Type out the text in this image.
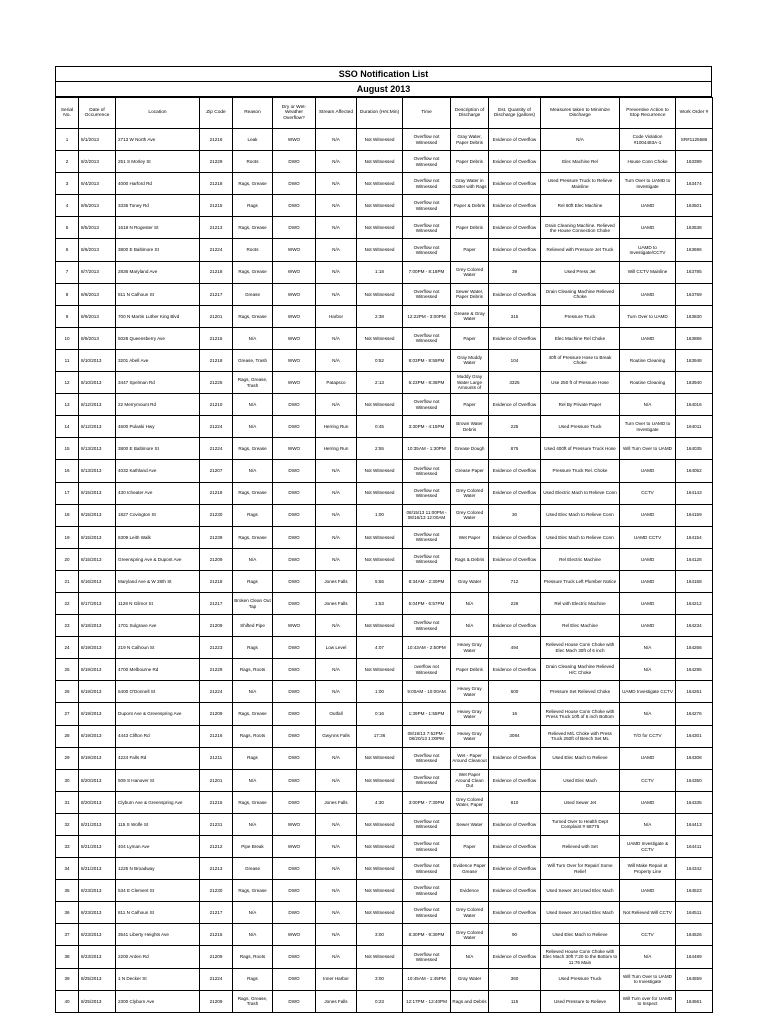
SSO Notification List
August 2013
Serial No.	Date of Occurrence	Location	Zip Code	Reason	Dry or Wet-Weather Overflow?	Stream Affected	Duration (Hrs:Min)	Time	Description of Discharge	Est. Quantity of Discharge (gallons)	Measures taken to Minimize Discharge	Preventive Action to Stop Recurrence	Work Order #
1	8/1/2013	2713 W North Ave	21216	Leak	WWO	N/A	Not Witnessed	Overflow not Witnessed	Gray Water, Paper Debris	Evidence of Overflow	N/A	Code Violation #1004483A-1	SR#1125686
2	8/2/2013	251 S Morley St	21229	Roots	DWO	N/A	Not Witnessed	Overflow not Witnessed	Paper Debris	Evidence of Overflow	Elec Machine Rel	House Conn Choke	163399
3	8/4/2013	4000 Harford Rd	21218	Rags, Grease	DWO	N/A	Not Witnessed	Overflow not Witnessed	Gray Water in Gutter with Rags	Evidence of Overflow	Used Pressure Truck to Relieve Mainline	Turn Over to UAMD to Investigate	163474
4	8/5/2013	3336 Toney Rd	21215	Rags	DWO	N/A	Not Witnessed	Overflow not Witnessed	Paper & Debris	Evidence of Overflow	Rel 60ft Elec Machine	UAMD	163501
5	8/5/2013	1618 N Rogester St	21213	Rags, Grease	DWO	N/A	Not Witnessed	Overflow not Witnessed	Paper Debris	Evidence of Overflow	Drain Cleaning Machine. Relieved the House Connection Choke	UAMD	163538
6	8/6/2013	3800 E Baltimore St	21224	Roots	WWO	N/A	Not Witnessed	Overflow not Witnessed	Paper	Evidence of Overflow	Relieved with Pressure Jet Truck	UAMD to Investigate/CCTV	163696
7	8/7/2013	2836 Maryland Ave	21218	Rags, Grease	WWO	N/A	1:18	7:00PM - 8:18PM	Grey Colored Water	39	Used Press Jet	Will CCTV Mainline	163785
8	8/8/2013	811 N Calhoun St	21217	Grease	WWO	N/A	Not Witnessed	Overflow not Witnessed	Sewer Water, Paper Debris	Evidence of Overflow	Drain Cleaning Machine Relieved Choke	UAMD	163769
9	8/9/2013	700 N Martin Luther King Blvd	21201	Rags, Grease	WWO	Harbor	2:38	12:22PM - 3:00PM	Grease & Gray Water	315	Pressure Truck	Turn Over to UAMD	163830
10	8/9/2013	5028 Queensberry Ave	21215	N/A	WWO	N/A	Not Witnessed	Overflow not Witnessed	Paper	Evidence of Overflow	Elec Machine Rel Choke	UAMD	163886
11	8/10/2013	3201 Abell Ave	21218	Grease, Trash	WWO	N/A	0:52	8:03PM - 8:55PM	Gray Muddy Water	104	40ft of Pressure Hose to Break Choke	Routine Cleaning	163948
12	8/10/2013	3447 Spelman Rd	21225	Rags, Grease, Trash	WWO	Patapsco	2:13	6:23PM - 8:36PM	Muddy Gray Water Large Amounts of	3325	Use 250 ft of Pressure Hose	Routine Cleaning	163940
13	8/12/2013	22 Merrymount Rd	21210	N/A	DWO	N/A	Not Witnessed	Overflow not Witnessed	Paper	Evidence of Overflow	Rel By Private Paper	N/A	164016
14	8/12/2013	4600 Pulaski Hwy	21224	N/A	DWO	Herring Run	0:45	3:30PM - 4:15PM	Brown Water Debris	225	Used Pressure Truck	Turn Over to UAMD to Investigate	164011
15	8/13/2013	3800 E Baltimore St	21224	Rags, Grease	WWO	Herring Run	2:55	10:35AM - 1:30PM	Grease Dough	875	Used 400ft of Pressure Truck Hose	Will Turn Over to UAMD	164035
16	8/13/2013	4032 Kathland Ave	21207	N/A	DWO	N/A	Not Witnessed	Overflow not Witnessed	Grease Paper	Evidence of Overflow	Pressure Truck Rel. Choke	UAMD	164052
17	8/15/2013	430 Icheater Ave	21218	Rags, Grease	DWO	N/A	Not Witnessed	Overflow not Witnessed	Grey Colored Water	Evidence of Overflow	Used Electric Mach to Relieve Conn	CCTV	164143
18	8/15/2013	1827 Covington St	21230	Rags	DWO	N/A	1:00	08/15/13 11:00PM - 08/16/13 12:00AM	Grey Colored Water	30	Used Elec Mach to Relieve Conn	UAMD	164159
19	8/15/2013	6309 Leith Walk	21239	Rags, Grease	DWO	N/A	Not Witnessed	Overflow not Witnessed	Wet Paper	Evidence of Overflow	Used Elec Mach to Relieve Conn	UAMD CCTV	164154
20	8/15/2013	Greenspring Ave & Dupont Ave	21209	N/A	DWO	N/A	Not Witnessed	Overflow not Witnessed	Rags & Debris	Evidence of Overflow	Rel Electric Machine	UAMD	164128
21	8/16/2013	Maryland Ave & W 28th St	21218	Rags	DWO	Jones Falls	5:56	8:34AM - 2:30PM	Gray Water	712	Pressure Truck Left Plumber Notice	UAMD	164168
22	8/17/2013	1128 N Gilmor St	21217	Broken Clean Out Tap	DWO	Jones Falls	1:53	5:04PM - 6:57PM	N/A	226	Rel with Electric Machine	UAMD	164212
23	8/18/2013	1701 Sulgrave Ave	21209	Shifted Pipe	WWO	N/A	Not Witnessed	Overflow not Witnessed	N/A	Evidence of Overflow	Rel Elec Machine	UAMD	164234
24	8/19/2013	219 N Calhoun St	21223	Rags	DWO	Low Level	4:07	10:43AM - 2:50PM	Heavy Gray Water	494	Relieved House Conn Choke with Elec Mach 30ft of 6 inch	N/A	164266
25	8/19/2013	4700 Melbourne Rd	21229	Rags, Roots	DWO	N/A	Not Witnessed	overflow not Witnessed	Paper Debris	Evidence of Overflow	Drain Cleaning Machine Relieved H/C Choke	N/A	164295
26	8/19/2013	5400 O'Donnell St	21224	N/A	DWO	N/A	1:00	9:00AM - 10:00AM	Heavy Gray Water	600	Pressure Set Relieved Choke	UAMD Investigate CCTV	164261
27	8/19/2013	Dupont Ave & Greenspring Ave	21209	Rags, Grease	DWO	Outfall	0:16	1:39PM - 1:55PM	Heavy Gray Water	16	Relieved House Conn Choke with Press Truck 10ft of 6 inch Bottom	N/A	164276
28	8/19/2013	4443 Clifton Rd	21216	Rags, Roots	DWO	Gwynns Falls	17:36	08/19/13 7:52PM - 08/20/13 1:00PM	Heavy Gray Water	3084	Relieved M/L Choke with Press Truck 250ft of Bench Set ML	T/O for CCTV	164301
29	8/19/2013	4224 Falls Rd	21211	Rags	DWO	N/A	Not Witnessed	Overflow not Witnessed	Wet - Paper Around Cleanout	Evidence of Overflow	Used Elec Mach to Relieve	UAMD	164308
30	8/20/2013	509 S Hanover St	21201	N/A	DWO	N/A	Not Witnessed	Overflow not Witnessed	Wet Paper Around Clean Out	Evidence of Overflow	Used Elec Mach	CCTV	164350
31	8/20/2013	Clyburn Ave & Greenspring Ave	21215	Rags, Grease	DWO	Jones Falls	4:30	3:00PM - 7:30PM	Grey Colored Water, Paper	810	Used Sewer Jet	UAMD	164335
32	8/21/2013	115 S Wolfe St	21231	N/A	WWO	N/A	Not Witnessed	Overflow not Witnessed	Sewer Water	Evidence of Overflow	Turned Over to Health Dept Complaint # 68776	N/A	164413
33	8/21/2013	404 Lyman Ave	21212	Pipe Break	WWO	N/A	Not Witnessed	Overflow not Witnessed	Paper	Evidence of Overflow	Relieved with Set	UAMD Investigate & CCTV	164411
34	8/21/2013	1225 N Broadway	21213	Grease	DWO	N/A	Not Witnessed	Overflow not Witnessed	Evidence Paper Grease	Evidence of Overflow	Will Turn Over for Repair/ Some Relief	Will Make Repair at Property Line	164342
35	8/23/2013	534 E Clement St	21230	Rags, Grease	DWO	N/A	Not Witnessed	Overflow not Witnessed	Evidence	Evidence of Overflow	Used Sewer Jet Used Elec Mach	UAMD	164523
36	8/23/2013	811 N Calhoun St	21217	N/A	DWO	N/A	Not Witnessed	Overflow not Witnessed	Grey Colored Water	Evidence of Overflow	Used Sewer Jet Used Elec Mach	Not Relieved Will CCTV	164511
37	8/23/2013	3541 Liberty Heights Ave	21215	N/A	WWO	N/A	3:00	6:30PM - 9:30PM	Grey Colored Water	90	Used Elec Mach to Relieve	CCTV	164526
38	8/23/2013	2200 Arden Rd	21209	Rags, Roots	DWO	N/A	Not Witnessed	Overflow not Witnessed	N/A	Evidence of Overflow	Relieved House Conn Choke with Elec Mach 30ft 7:20 to the Bottom to 11:76 Main	N/A	164489
39	8/25/2013	1 N Decker St	21224	Rags	DWO	Inner Harbor	3:00	10:45AM - 1:45PM	Gray Water	360	Used Pressure Truck	Will Turn Over to UAMD to Investigate	164559
40	8/25/2013	2300 Clyburn Ave	21209	Rags, Grease, Trash	DWO	Jones Falls	0:23	12:17PM - 12:40PM	Rags and Debris	115	Used Pressure to Relieve	Will Turn over for UAMD to Inspect	164561
